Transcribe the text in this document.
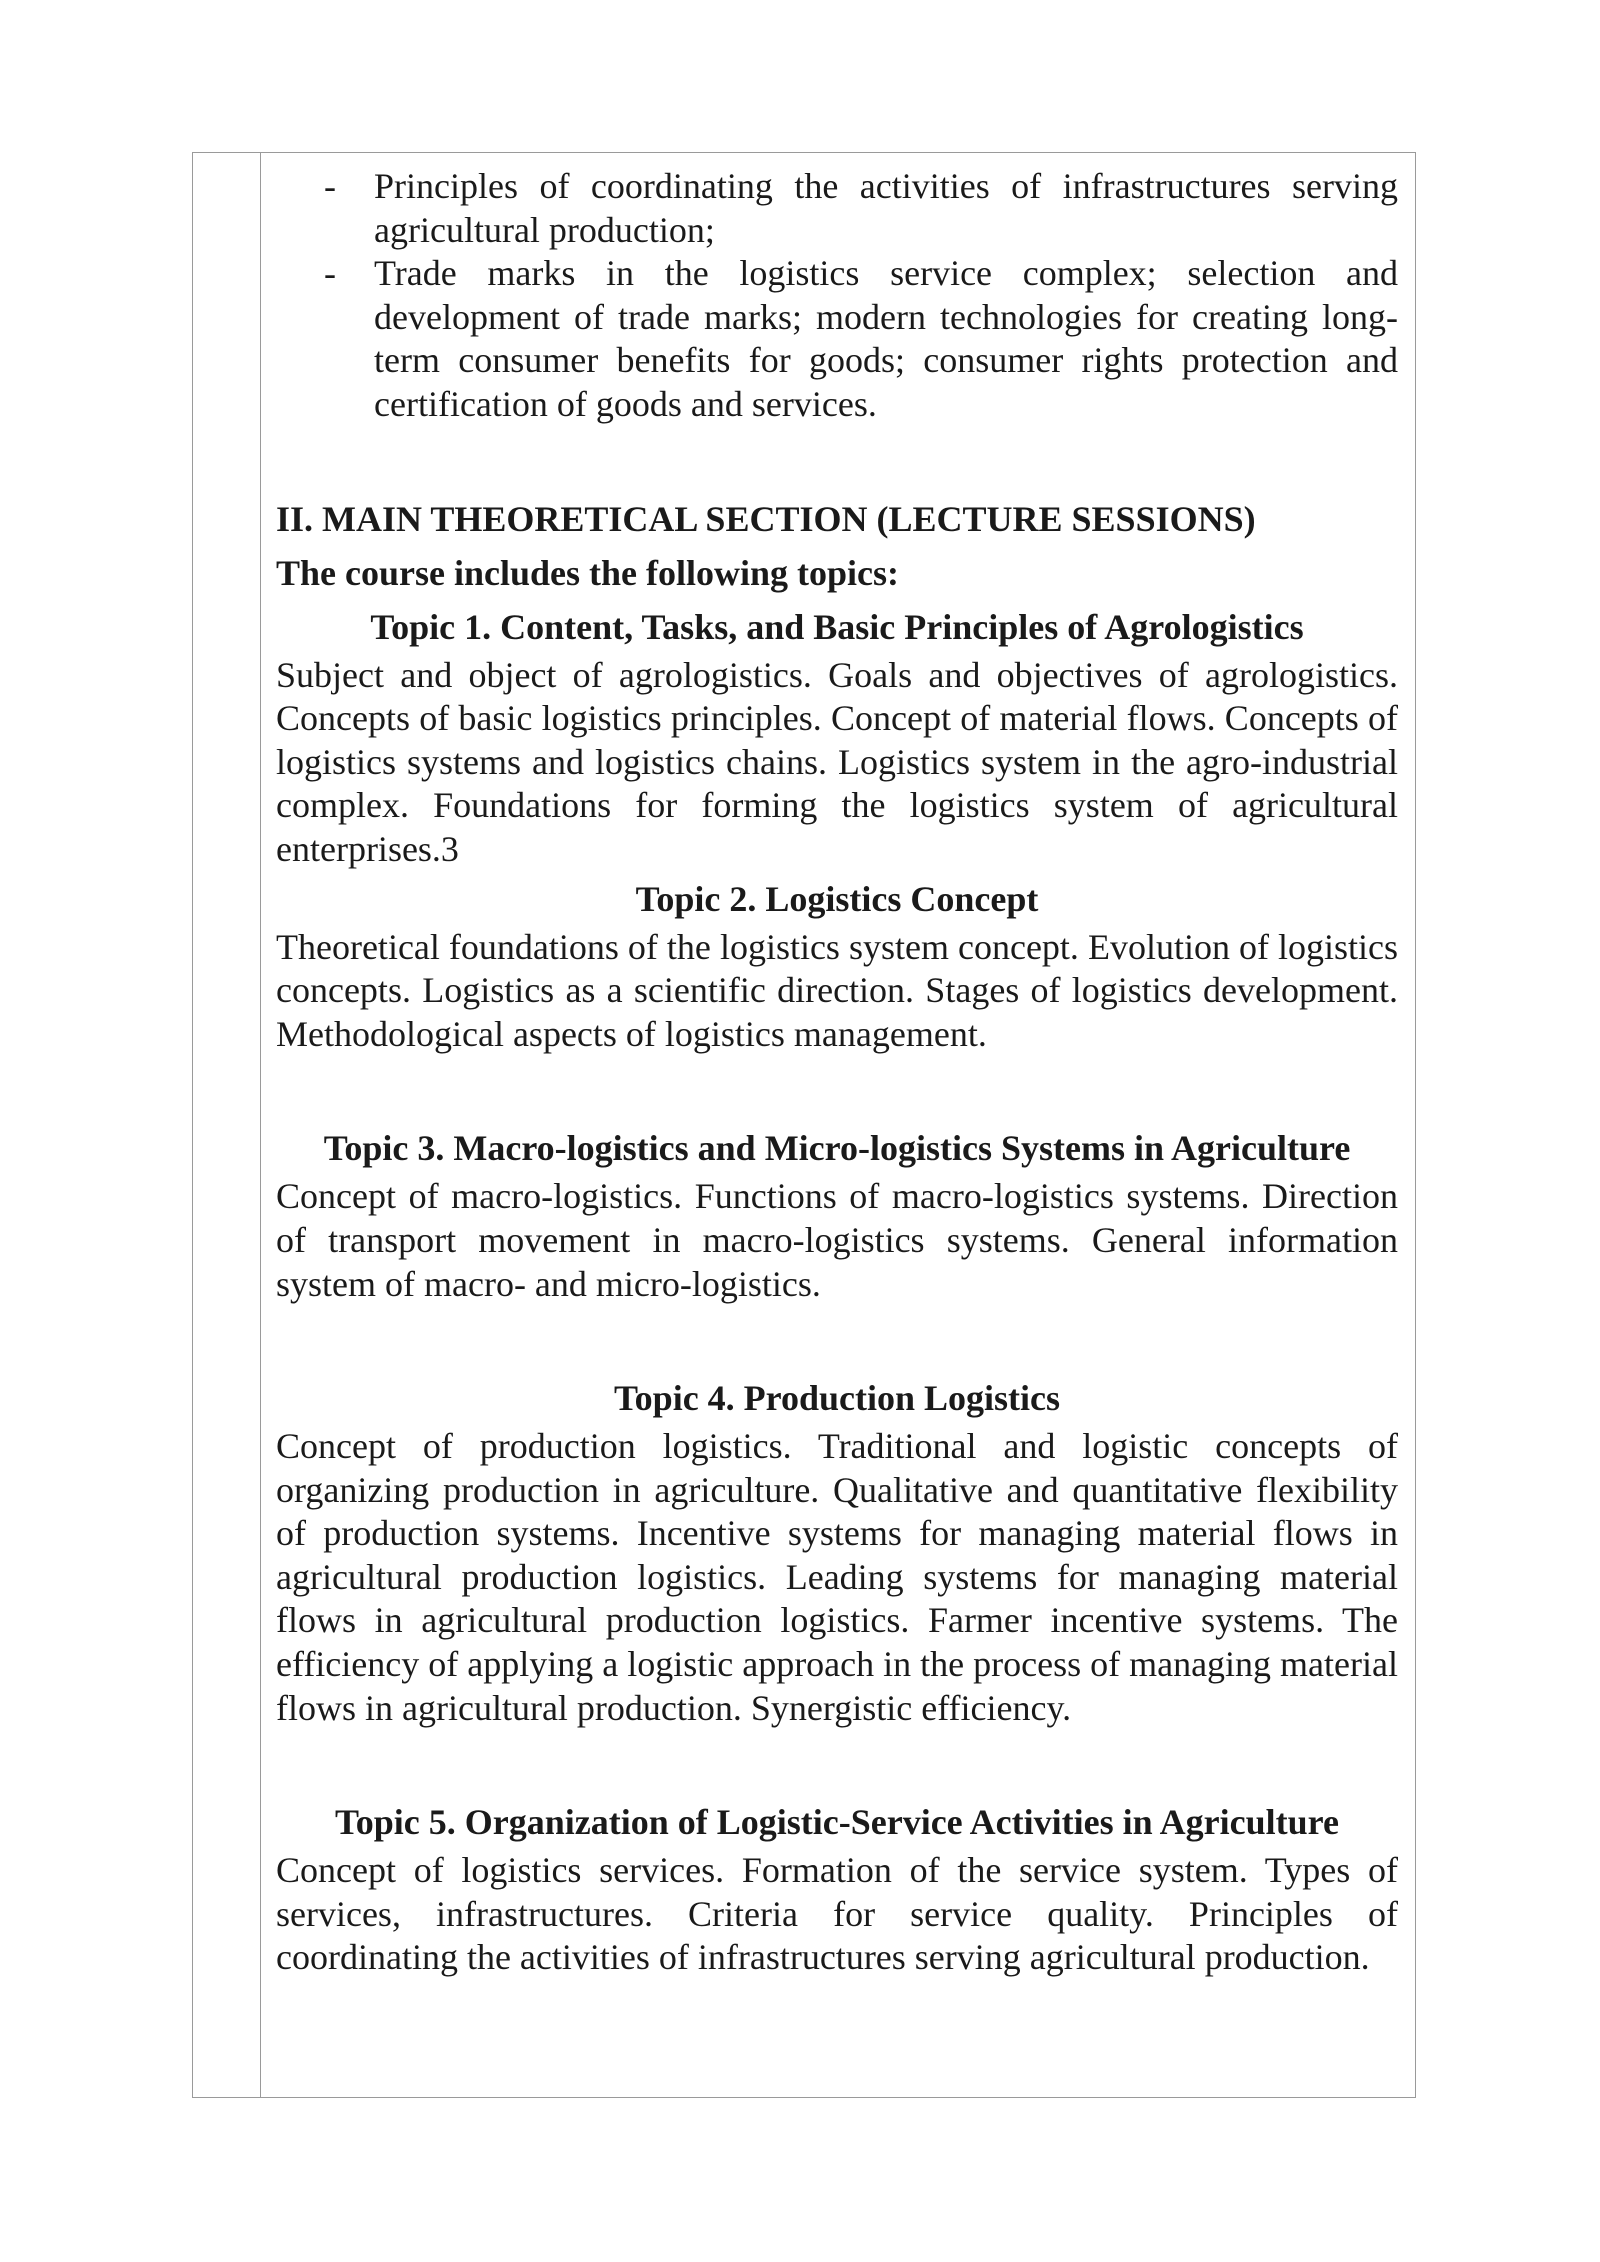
- Principles of coordinating the activities of infrastructures serving agricultural production;
- Trade marks in the logistics service complex; selection and development of trade marks; modern technologies for creating long-term consumer benefits for goods; consumer rights protection and certification of goods and services.

II. MAIN THEORETICAL SECTION (LECTURE SESSIONS)

The course includes the following topics:

Topic 1. Content, Tasks, and Basic Principles of Agrologistics

Subject and object of agrologistics. Goals and objectives of agrologistics. Concepts of basic logistics principles. Concept of material flows. Concepts of logistics systems and logistics chains. Logistics system in the agro-industrial complex. Foundations for forming the logistics system of agricultural enterprises.3

Topic 2. Logistics Concept

Theoretical foundations of the logistics system concept. Evolution of logistics concepts. Logistics as a scientific direction. Stages of logistics development. Methodological aspects of logistics management.

Topic 3. Macro-logistics and Micro-logistics Systems in Agriculture

Concept of macro-logistics. Functions of macro-logistics systems. Direction of transport movement in macro-logistics systems. General information system of macro- and micro-logistics.

Topic 4. Production Logistics

Concept of production logistics. Traditional and logistic concepts of organizing production in agriculture. Qualitative and quantitative flexibility of production systems. Incentive systems for managing material flows in agricultural production logistics. Leading systems for managing material flows in agricultural production logistics. Farmer incentive systems. The efficiency of applying a logistic approach in the process of managing material flows in agricultural production. Synergistic efficiency.

Topic 5. Organization of Logistic-Service Activities in Agriculture

Concept of logistics services. Formation of the service system. Types of services, infrastructures. Criteria for service quality. Principles of coordinating the activities of infrastructures serving agricultural production.
